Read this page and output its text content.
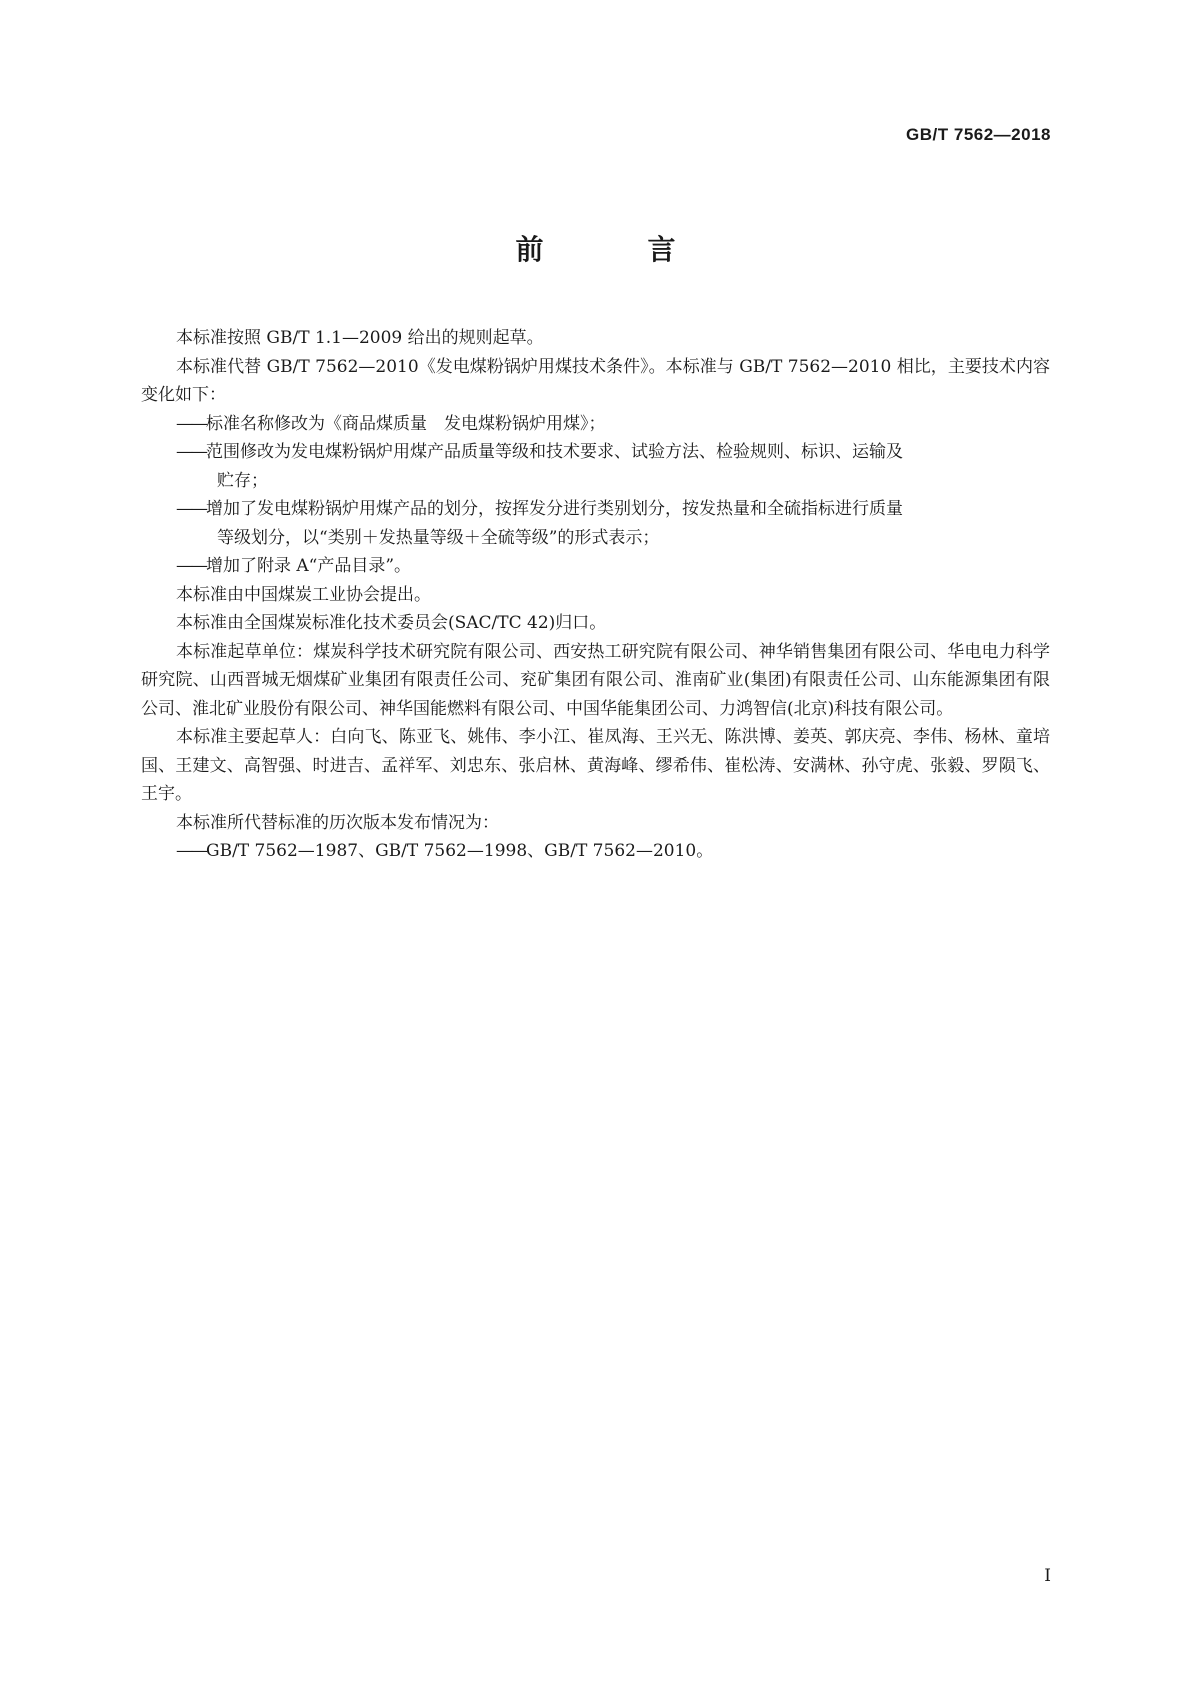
GB/T 7562—2018
前　言

本标准按照 GB/T 1.1—2009 给出的规则起草。

本标准代替 GB/T 7562—2010《发电煤粉锅炉用煤技术条件》。本标准与 GB/T 7562—2010 相比，主要技术内容变化如下：

——标准名称修改为《商品煤质量　发电煤粉锅炉用煤》；

——范围修改为发电煤粉锅炉用煤产品质量等级和技术要求、试验方法、检验规则、标识、运输及
贮存；

——增加了发电煤粉锅炉用煤产品的划分，按挥发分进行类别划分，按发热量和全硫指标进行质量
等级划分，以“类别＋发热量等级＋全硫等级”的形式表示；

——增加了附录 A“产品目录”。

本标准由中国煤炭工业协会提出。

本标准由全国煤炭标准化技术委员会(SAC/TC 42)归口。

本标准起草单位：煤炭科学技术研究院有限公司、西安热工研究院有限公司、神华销售集团有限公司、华电电力科学研究院、山西晋城无烟煤矿业集团有限责任公司、兖矿集团有限公司、淮南矿业(集团)有限责任公司、山东能源集团有限公司、淮北矿业股份有限公司、神华国能燃料有限公司、中国华能集团公司、力鸿智信(北京)科技有限公司。

本标准主要起草人：白向飞、陈亚飞、姚伟、李小江、崔凤海、王兴无、陈洪博、姜英、郭庆亮、李伟、杨林、童培国、王建文、高智强、时进吉、孟祥军、刘忠东、张启林、黄海峰、缪希伟、崔松涛、安满林、孙守虎、张毅、罗陨飞、王宇。

本标准所代替标准的历次版本发布情况为：

——GB/T 7562—1987、GB/T 7562—1998、GB/T 7562—2010。

I
